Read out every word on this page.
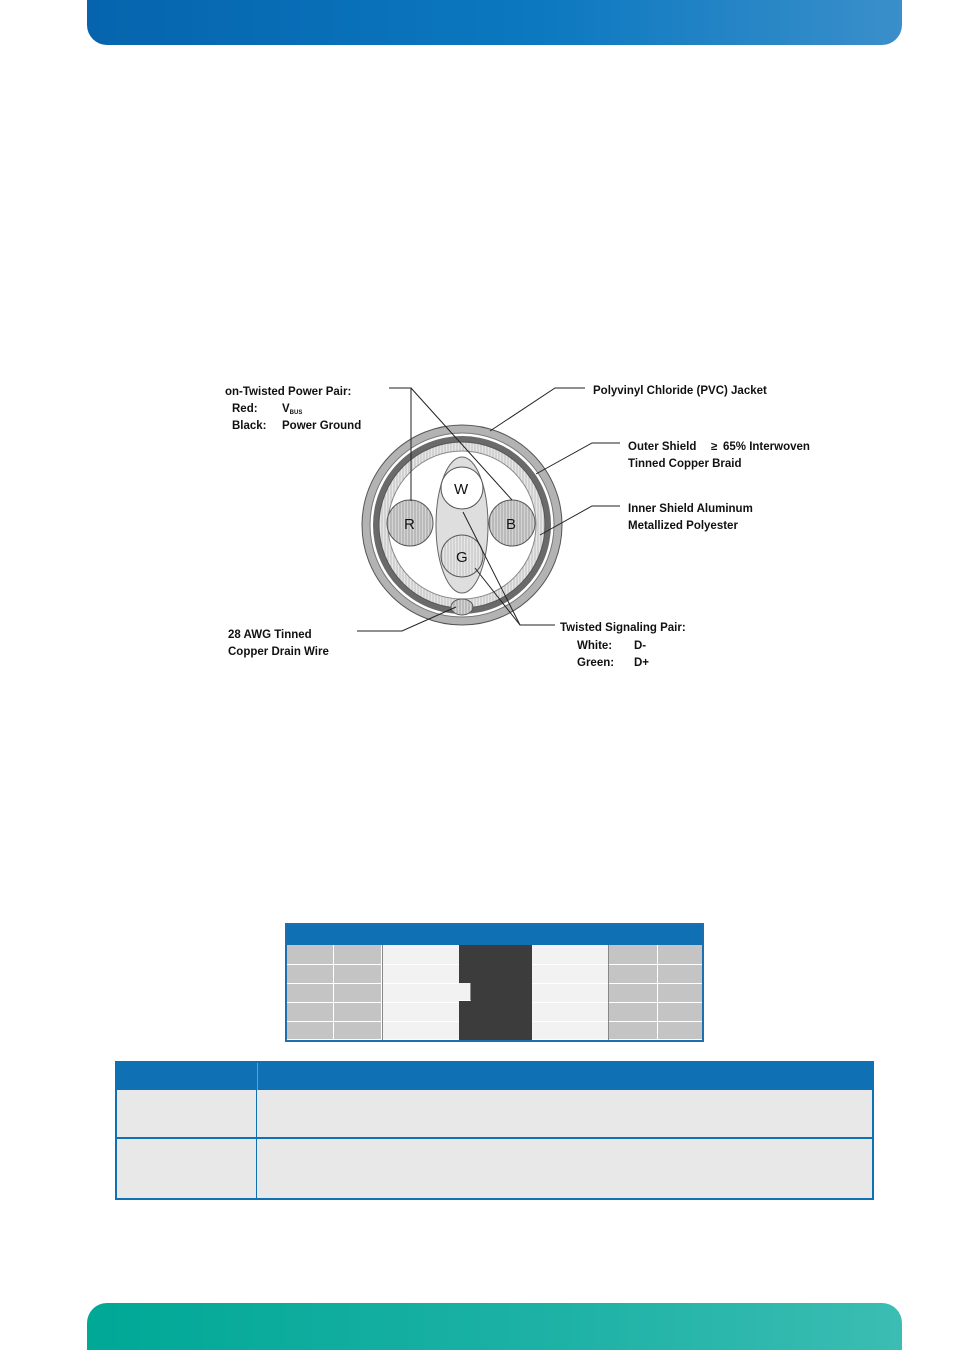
R	B
W
G
on-Twisted Power Pair:
Red: VBUS
Black: Power Ground
Polyvinyl Chloride (PVC) Jacket
Outer Shield ≥ 65% Interwoven
Tinned Copper Braid
Inner Shield Aluminum
Metallized Polyester
28 AWG Tinned
Copper Drain Wire
Twisted Signaling Pair:
White: D-
Green: D+
